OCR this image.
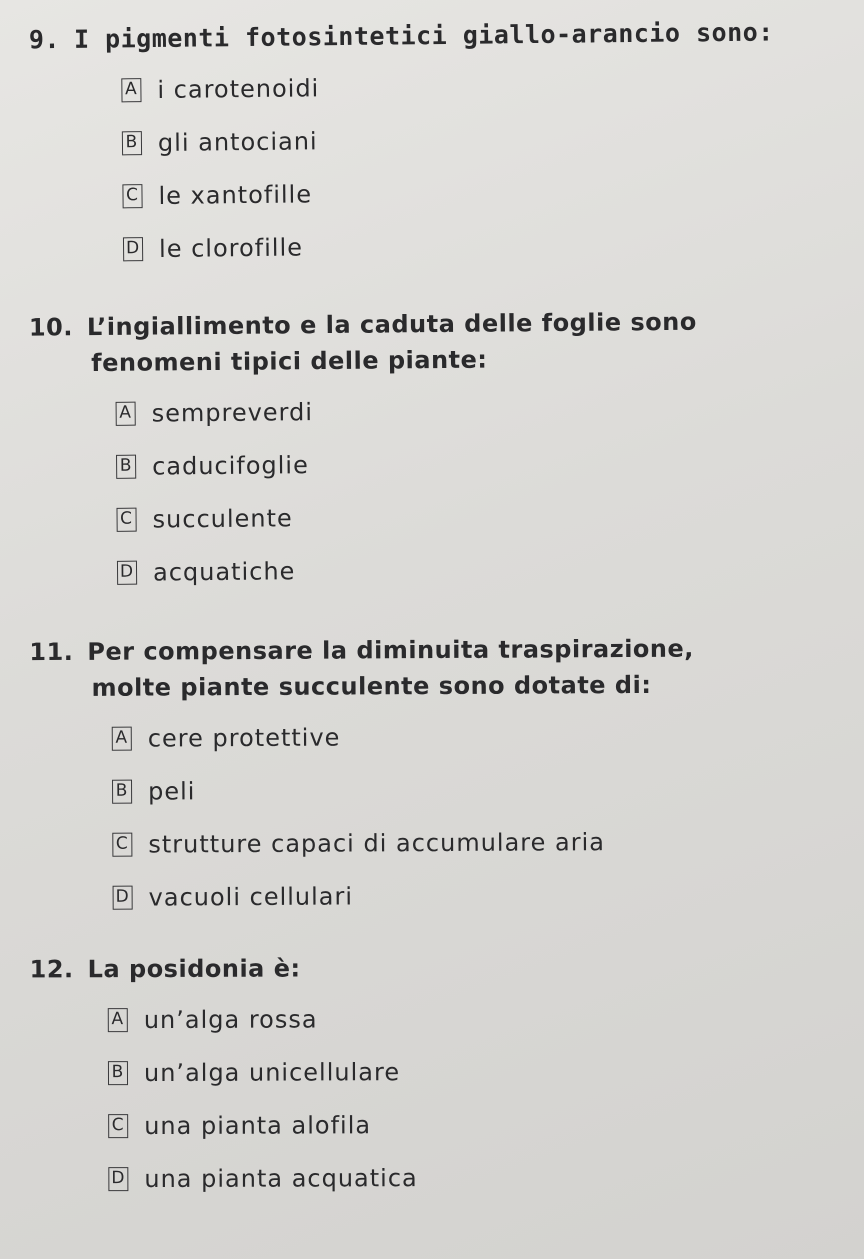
9. I pigmenti fotosintetici giallo-arancio sono:
A i carotenoidi
B gli antociani
C le xantofille
D le clorofille
10. L’ingiallimento e la caduta delle foglie sono
fenomeni tipici delle piante:
A sempreverdi
B caducifoglie
C succulente
D acquatiche
11. Per compensare la diminuita traspirazione,
molte piante succulente sono dotate di:
A cere protettive
B peli
C strutture capaci di accumulare aria
D vacuoli cellulari
12. La posidonia è:
A un’alga rossa
B un’alga unicellulare
C una pianta alofila
D una pianta acquatica
